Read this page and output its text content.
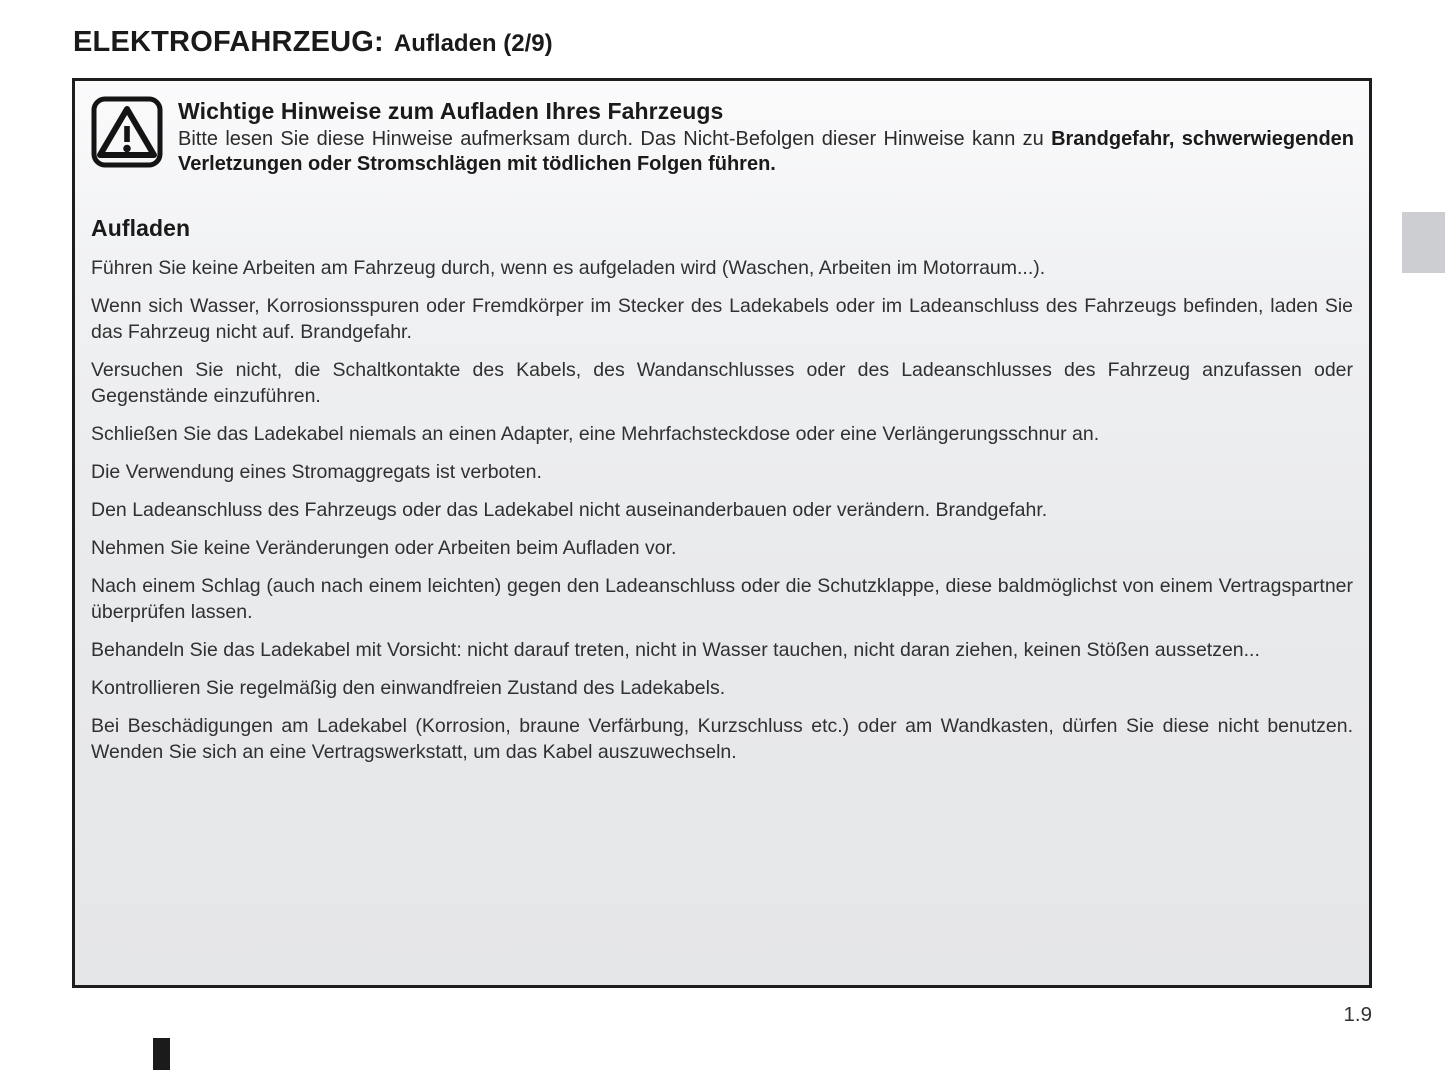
ELEKTROFAHRZEUG: Aufladen (2/9)
Wichtige Hinweise zum Aufladen Ihres Fahrzeugs

Bitte lesen Sie diese Hinweise aufmerksam durch. Das Nicht-Befolgen dieser Hinweise kann zu Brandgefahr, schwerwiegenden Verletzungen oder Stromschlägen mit tödlichen Folgen führen.

Aufladen

Führen Sie keine Arbeiten am Fahrzeug durch, wenn es aufgeladen wird (Waschen, Arbeiten im Motorraum...).

Wenn sich Wasser, Korrosionsspuren oder Fremdkörper im Stecker des Ladekabels oder im Ladeanschluss des Fahrzeugs befinden, laden Sie das Fahrzeug nicht auf. Brandgefahr.

Versuchen Sie nicht, die Schaltkontakte des Kabels, des Wandanschlusses oder des Ladeanschlusses des Fahrzeug anzufassen oder Gegenstände einzuführen.

Schließen Sie das Ladekabel niemals an einen Adapter, eine Mehrfachsteckdose oder eine Verlängerungsschnur an.

Die Verwendung eines Stromaggregats ist verboten.

Den Ladeanschluss des Fahrzeugs oder das Ladekabel nicht auseinanderbauen oder verändern. Brandgefahr.

Nehmen Sie keine Veränderungen oder Arbeiten beim Aufladen vor.

Nach einem Schlag (auch nach einem leichten) gegen den Ladeanschluss oder die Schutzklappe, diese baldmöglichst von einem Vertragspartner überprüfen lassen.

Behandeln Sie das Ladekabel mit Vorsicht: nicht darauf treten, nicht in Wasser tauchen, nicht daran ziehen, keinen Stößen aussetzen...

Kontrollieren Sie regelmäßig den einwandfreien Zustand des Ladekabels.

Bei Beschädigungen am Ladekabel (Korrosion, braune Verfärbung, Kurzschluss etc.) oder am Wandkasten, dürfen Sie diese nicht benutzen. Wenden Sie sich an eine Vertragswerkstatt, um das Kabel auszuwechseln.

1.9
